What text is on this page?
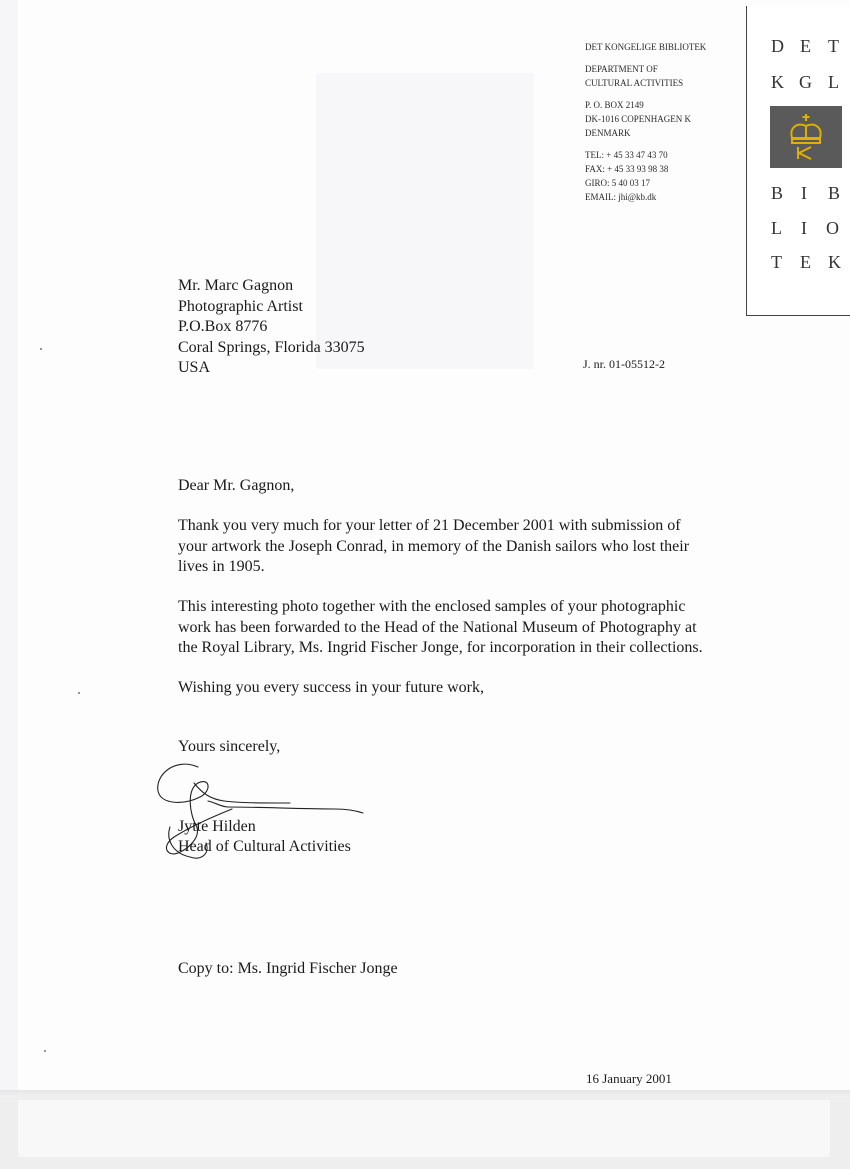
DET KONGELIGE BIBLIOTEK
DEPARTMENT OF
CULTURAL ACTIVITIES
P. O. BOX 2149
DK-1016 COPENHAGEN K
DENMARK
TEL: + 45 33 47 43 70
FAX: + 45 33 93 98 38
GIRO: 5 40 03 17
EMAIL: jhi@kb.dk
D E T
K G L
B I B
L I O
T E K
Mr. Marc Gagnon
Photographic Artist
P.O.Box 8776
Coral Springs, Florida 33075
USA	J. nr. 01-05512-2
Dear Mr. Gagnon,
Thank you very much for your letter of 21 December 2001 with submission of
your artwork the Joseph Conrad, in memory of the Danish sailors who lost their
lives in 1905.
This interesting photo together with the enclosed samples of your photographic
work has been forwarded to the Head of the National Museum of Photography at
the Royal Library, Ms. Ingrid Fischer Jonge, for incorporation in their collections.
Wishing you every success in your future work,
Yours sincerely,
Jytte Hilden
Head of Cultural Activities
Copy to: Ms. Ingrid Fischer Jonge
16 January 2001
